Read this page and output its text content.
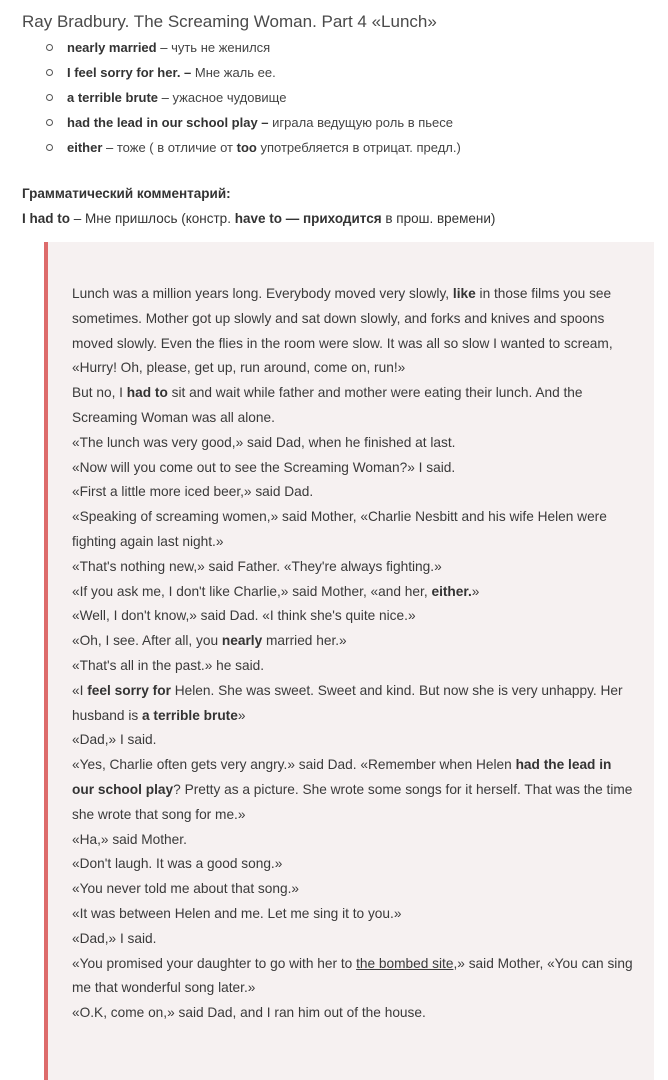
Ray Bradbury. The Screaming Woman. Part 4 «Lunch»
nearly married – чуть не женился
I feel sorry for her. – Мне жаль ее.
a terrible brute – ужасное чудовище
had the lead in our school play – играла ведущую роль в пьесе
either – тоже ( в отличие от too употребляется в отрицат. предл.)
Грамматический комментарий:
I had to – Мне пришлось (констр. have to — приходится в прош. времени)

Lunch was a million years long. Everybody moved very slowly, like in those films you see sometimes. Mother got up slowly and sat down slowly, and forks and knives and spoons moved slowly. Even the flies in the room were slow. It was all so slow I wanted to scream, «Hurry! Oh, please, get up, run around, come on, run!»

But no, I had to sit and wait while father and mother were eating their lunch. And the Screaming Woman was all alone.

«The lunch was very good,» said Dad, when he finished at last.

«Now will you come out to see the Screaming Woman?» I said.

«First a little more iced beer,» said Dad.

«Speaking of screaming women,» said Mother, «Charlie Nesbitt and his wife Helen were fighting again last night.»

«That's nothing new,» said Father. «They're always fighting.»

«If you ask me, I don't like Charlie,» said Mother, «and her, either.»

«Well, I don't know,» said Dad. «I think she's quite nice.»

«Oh, I see. After all, you nearly married her.»

«That's all in the past.» he said.

«I feel sorry for Helen. She was sweet. Sweet and kind. But now she is very unhappy. Her husband is a terrible brute»

«Dad,» I said.

«Yes, Charlie often gets very angry.» said Dad. «Remember when Helen had the lead in our school play? Pretty as a picture. She wrote some songs for it herself. That was the time she wrote that song for me.»

«Ha,» said Mother.

«Don't laugh. It was a good song.»

«You never told me about that song.»

«It was between Helen and me. Let me sing it to you.»

«Dad,» I said.

«You promised your daughter to go with her to the bombed site,» said Mother, «You can sing me that wonderful song later.»

«O.K, come on,» said Dad, and I ran him out of the house.
